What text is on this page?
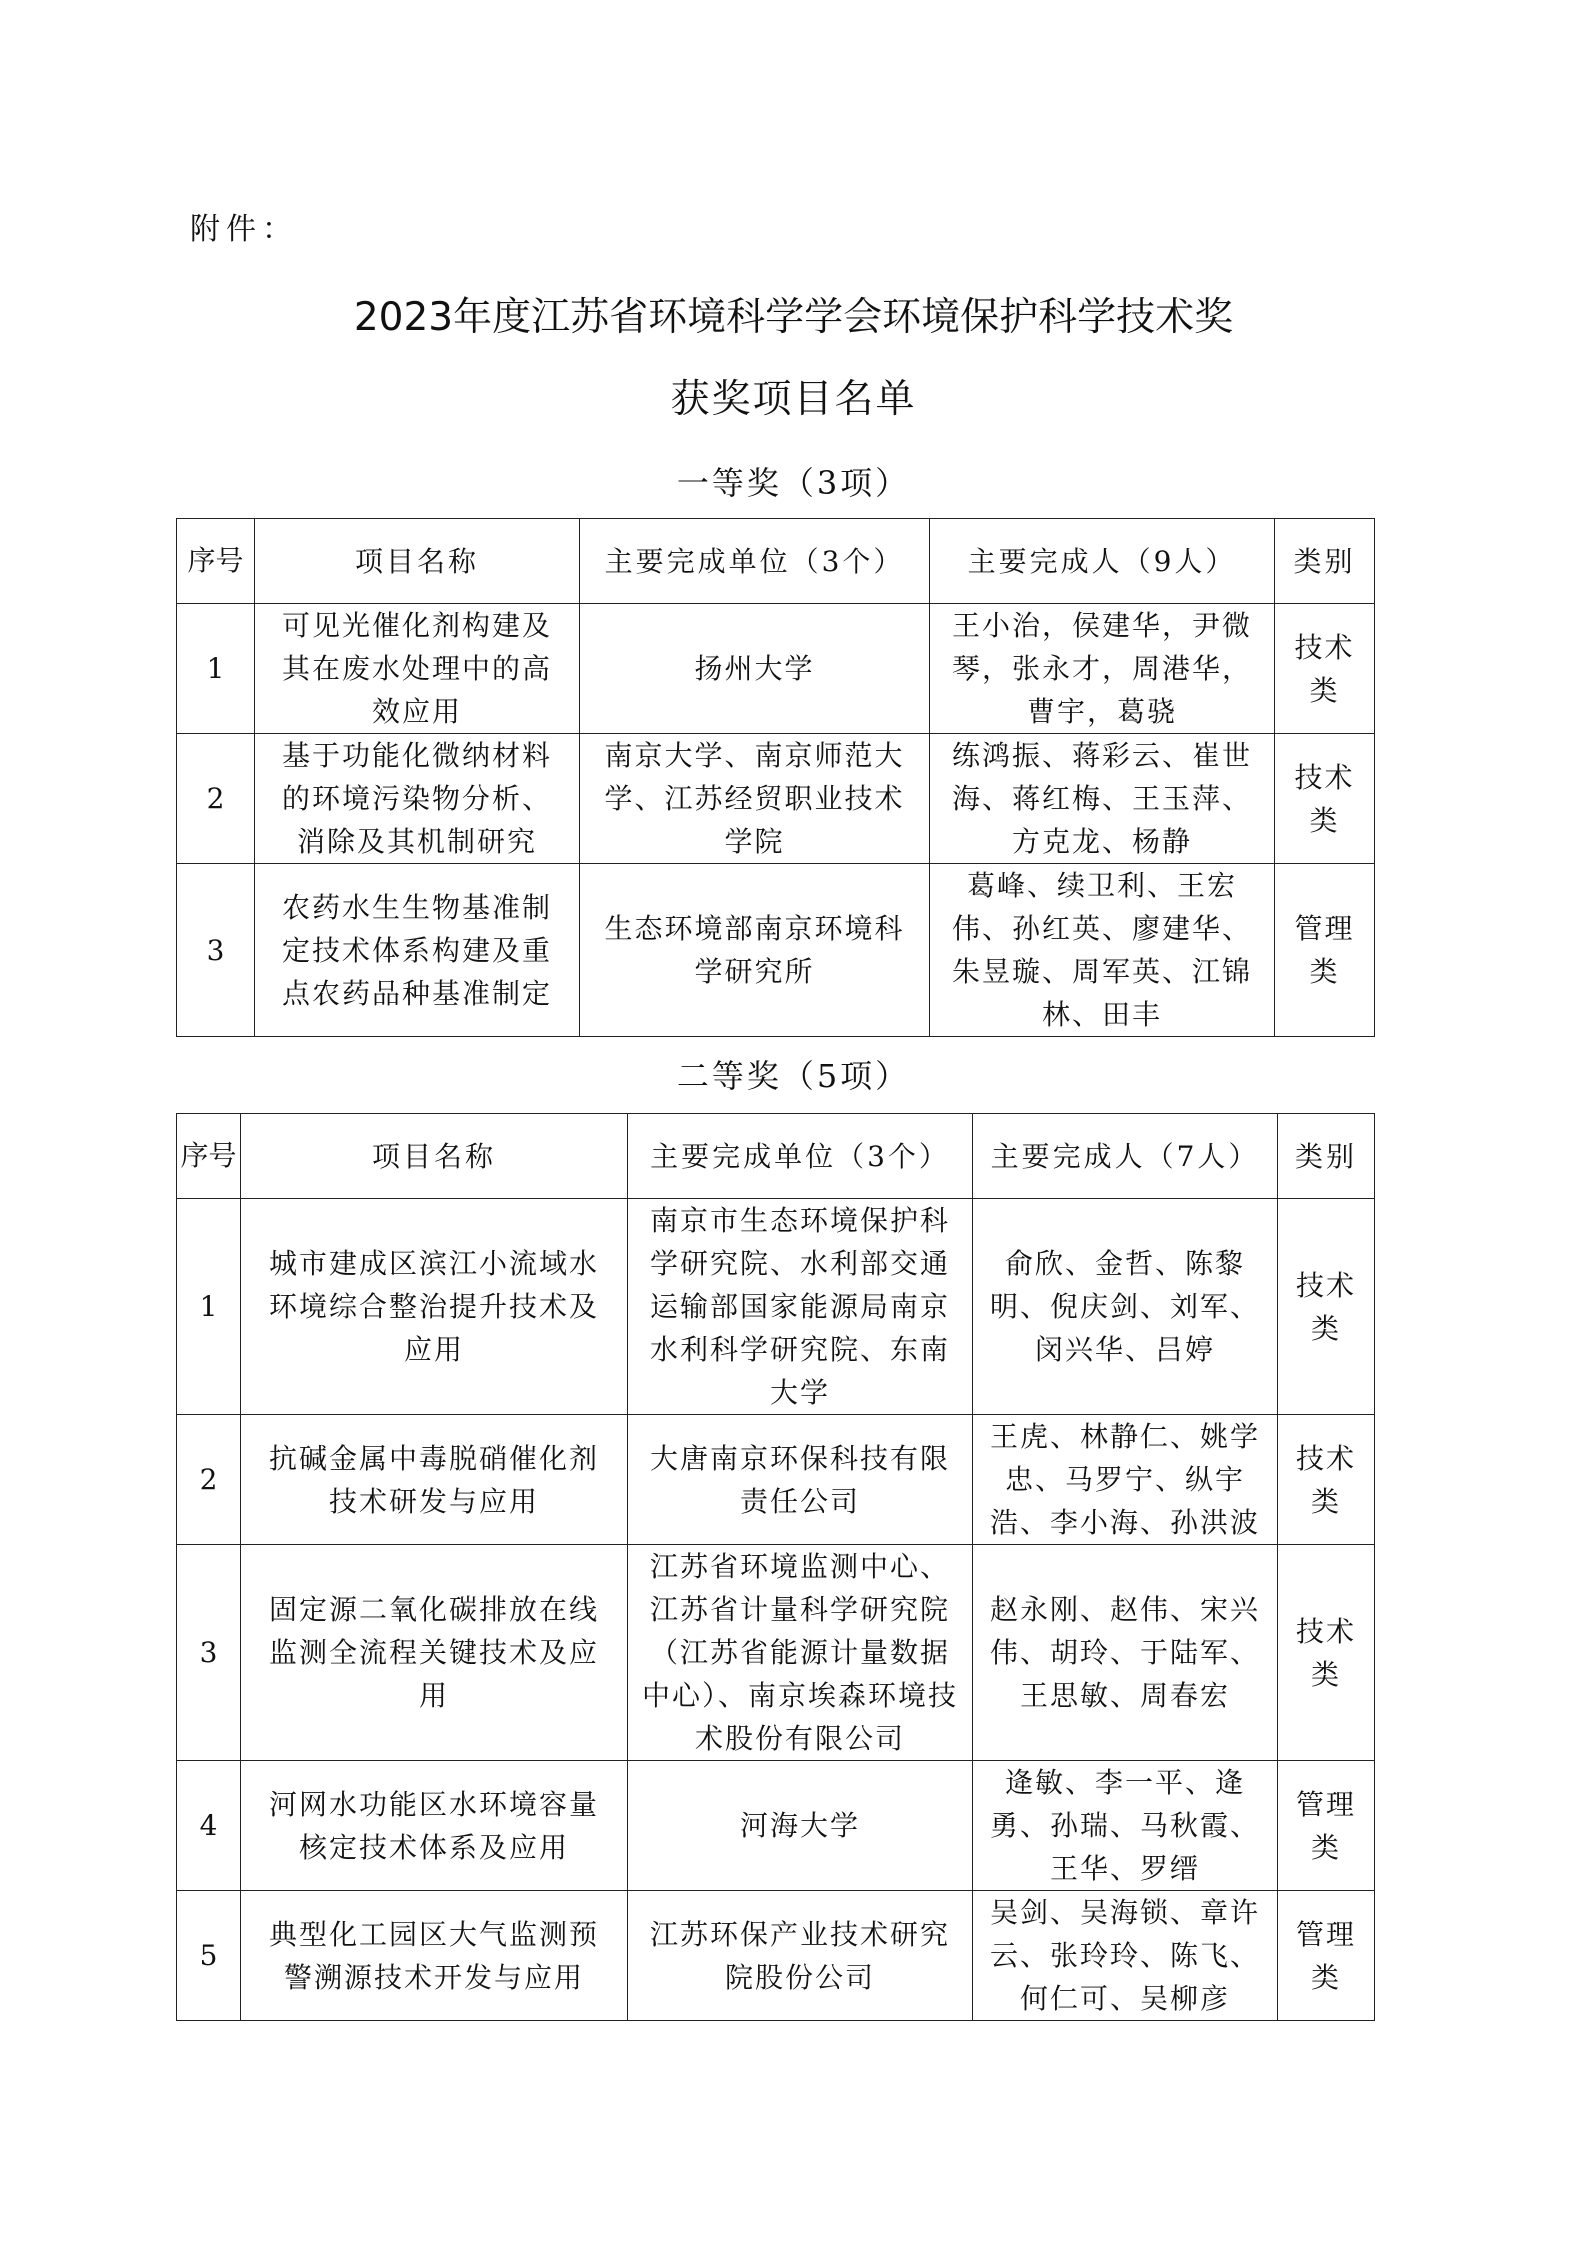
附件：
2023年度江苏省环境科学学会环境保护科学技术奖
获奖项目名单
一等奖（3项）
序号	项目名称	主要完成单位（3个）	主要完成人（9人）	类别
1	可见光催化剂构建及其在废水处理中的高效应用	扬州大学	王小治，侯建华，尹微琴，张永才，周港华，曹宇，葛骁	技术类
2	基于功能化微纳材料的环境污染物分析、消除及其机制研究	南京大学、南京师范大学、江苏经贸职业技术学院	练鸿振、蒋彩云、崔世海、蒋红梅、王玉萍、方克龙、杨静	技术类
3	农药水生生物基准制定技术体系构建及重点农药品种基准制定	生态环境部南京环境科学研究所	葛峰、续卫利、王宏伟、孙红英、廖建华、朱昱璇、周军英、江锦林、田丰	管理类
二等奖（5项）
序号	项目名称	主要完成单位（3个）	主要完成人（7人）	类别
1	城市建成区滨江小流域水环境综合整治提升技术及应用	南京市生态环境保护科学研究院、水利部交通运输部国家能源局南京水利科学研究院、东南大学	俞欣、金哲、陈黎明、倪庆剑、刘军、闵兴华、吕婷	技术类
2	抗碱金属中毒脱硝催化剂技术研发与应用	大唐南京环保科技有限责任公司	王虎、林静仁、姚学忠、马罗宁、纵宇浩、李小海、孙洪波	技术类
3	固定源二氧化碳排放在线监测全流程关键技术及应用	江苏省环境监测中心、江苏省计量科学研究院（江苏省能源计量数据中心）、南京埃森环境技术股份有限公司	赵永刚、赵伟、宋兴伟、胡玲、于陆军、王思敏、周春宏	技术类
4	河网水功能区水环境容量核定技术体系及应用	河海大学	逄敏、李一平、逄勇、孙瑞、马秋霞、王华、罗缙	管理类
5	典型化工园区大气监测预警溯源技术开发与应用	江苏环保产业技术研究院股份公司	吴剑、吴海锁、章许云、张玲玲、陈飞、何仁可、吴柳彦	管理类
